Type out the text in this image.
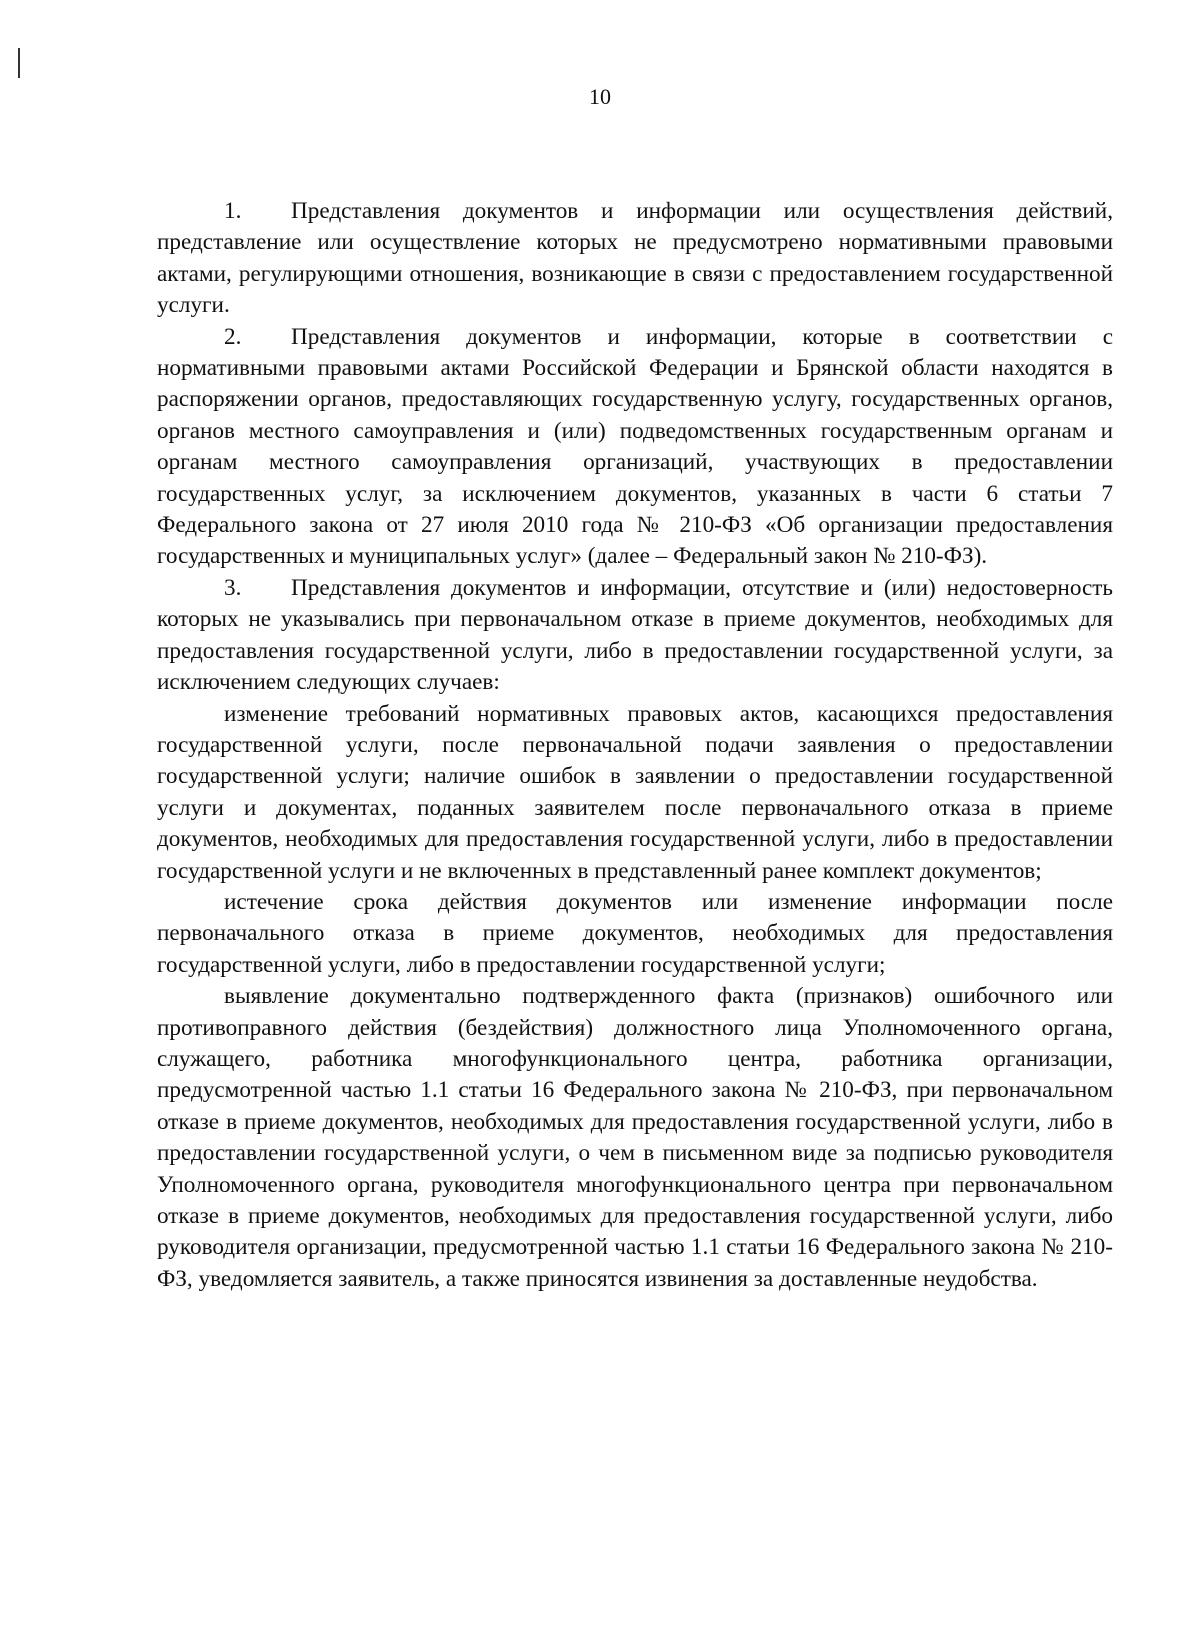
10

1. Представления документов и информации или осуществления действий, представление или осуществление которых не предусмотрено нормативными правовыми актами, регулирующими отношения, возникающие в связи с предоставлением государственной услуги.

2. Представления документов и информации, которые в соответствии с нормативными правовыми актами Российской Федерации и Брянской области находятся в распоряжении органов, предоставляющих государственную услугу, государственных органов, органов местного самоуправления и (или) подведомственных государственным органам и органам местного самоуправления организаций, участвующих в предоставлении государственных услуг, за исключением документов, указанных в части 6 статьи 7 Федерального закона от 27 июля 2010 года № 210-ФЗ «Об организации предоставления государственных и муниципальных услуг» (далее – Федеральный закон № 210-ФЗ).

3. Представления документов и информации, отсутствие и (или) недостоверность которых не указывались при первоначальном отказе в приеме документов, необходимых для предоставления государственной услуги, либо в предоставлении государственной услуги, за исключением следующих случаев:

изменение требований нормативных правовых актов, касающихся предоставления государственной услуги, после первоначальной подачи заявления о предоставлении государственной услуги; наличие ошибок в заявлении о предоставлении государственной услуги и документах, поданных заявителем после первоначального отказа в приеме документов, необходимых для предоставления государственной услуги, либо в предоставлении государственной услуги и не включенных в представленный ранее комплект документов;

истечение срока действия документов или изменение информации после первоначального отказа в приеме документов, необходимых для предоставления государственной услуги, либо в предоставлении государственной услуги;

выявление документально подтвержденного факта (признаков) ошибочного или противоправного действия (бездействия) должностного лица Уполномоченного органа, служащего, работника многофункционального центра, работника организации, предусмотренной частью 1.1 статьи 16 Федерального закона № 210-ФЗ, при первоначальном отказе в приеме документов, необходимых для предоставления государственной услуги, либо в предоставлении государственной услуги, о чем в письменном виде за подписью руководителя Уполномоченного органа, руководителя многофункционального центра при первоначальном отказе в приеме документов, необходимых для предоставления государственной услуги, либо руководителя организации, предусмотренной частью 1.1 статьи 16 Федерального закона № 210-ФЗ, уведомляется заявитель, а также приносятся извинения за доставленные неудобства.
